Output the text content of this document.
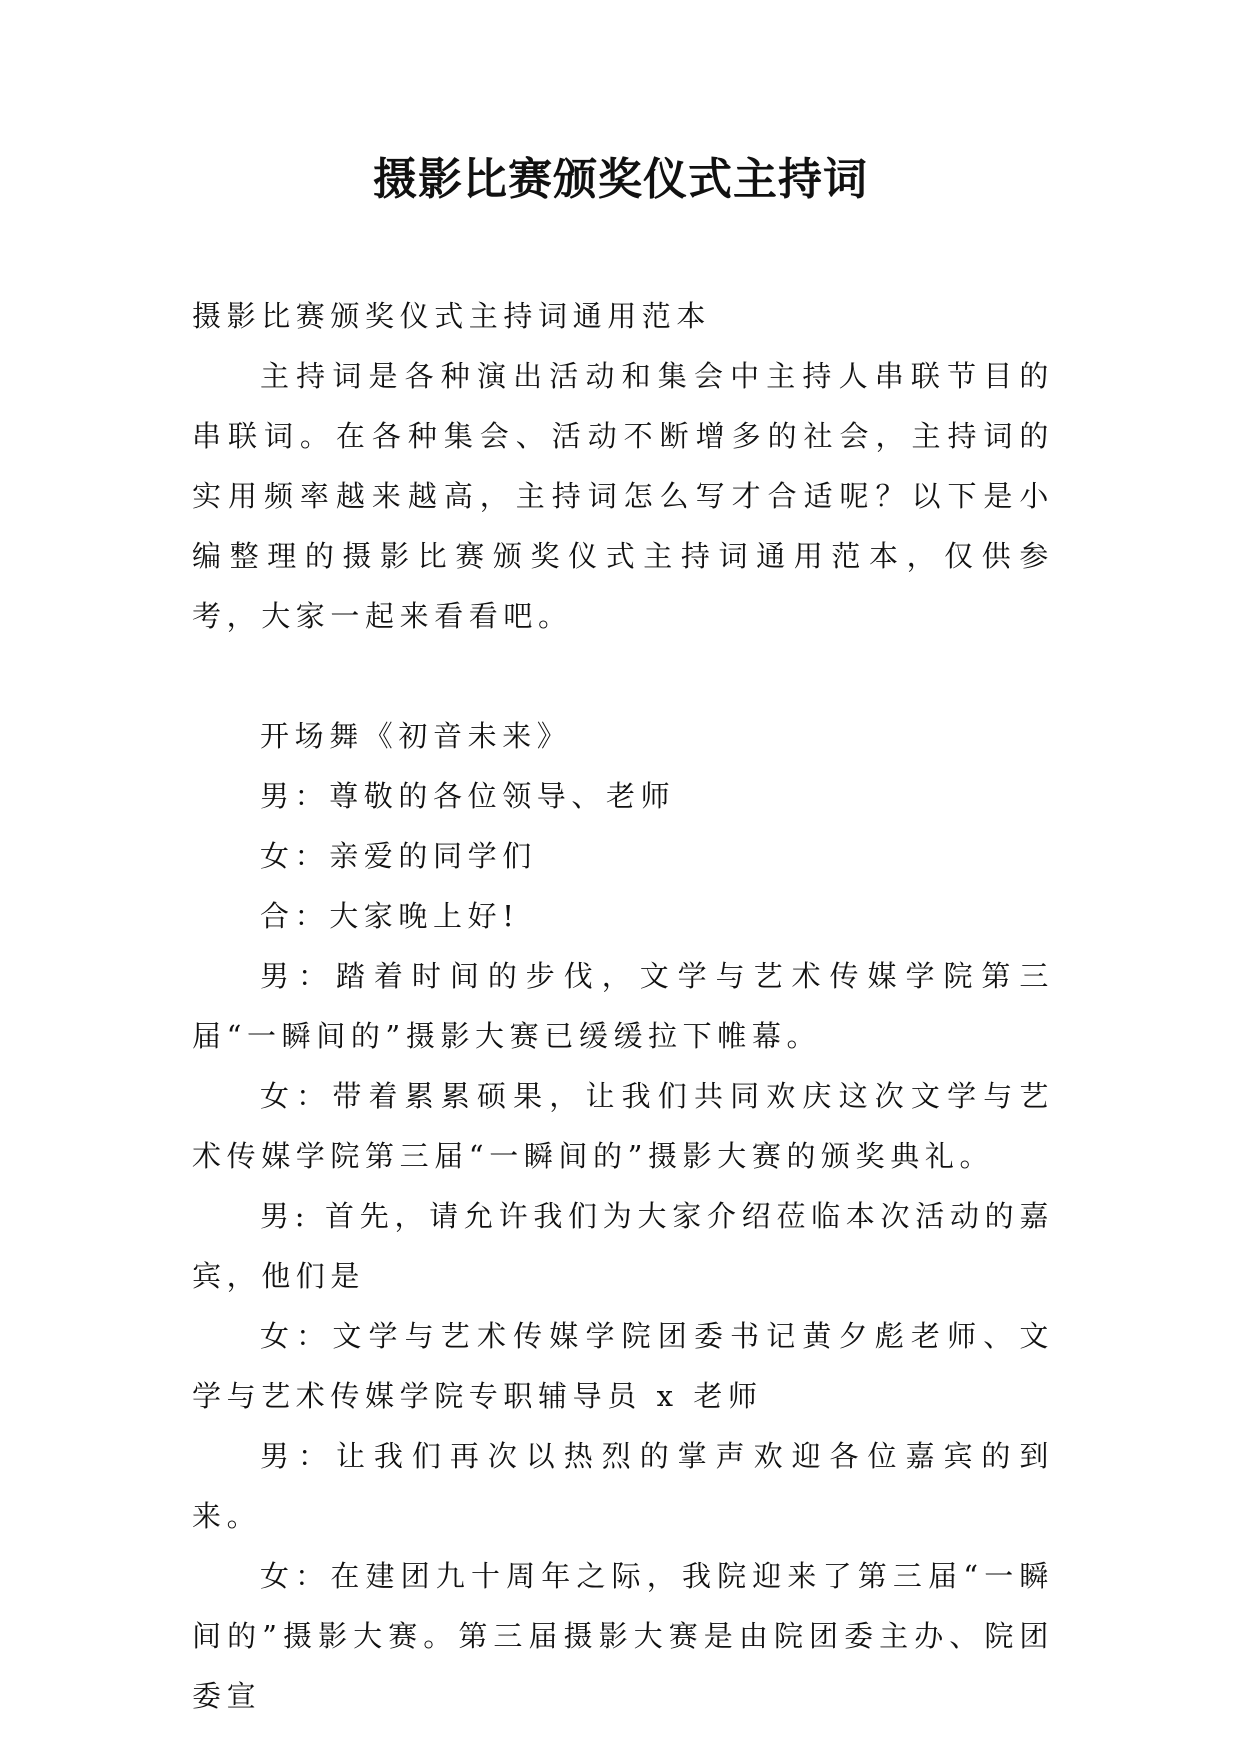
摄影比赛颁奖仪式主持词

摄影比赛颁奖仪式主持词通用范本

主持词是各种演出活动和集会中主持人串联节目的串联词。在各种集会、活动不断增多的社会，主持词的实用频率越来越高，主持词怎么写才合适呢？以下是小编整理的摄影比赛颁奖仪式主持词通用范本，仅供参考，大家一起来看看吧。

开场舞《初音未来》

男：尊敬的各位领导、老师

女：亲爱的同学们

合：大家晚上好!

男：踏着时间的步伐，文学与艺术传媒学院第三届“一瞬间的”摄影大赛已缓缓拉下帷幕。

女：带着累累硕果，让我们共同欢庆这次文学与艺术传媒学院第三届“一瞬间的”摄影大赛的颁奖典礼。

男: 首先，请允许我们为大家介绍莅临本次活动的嘉宾，他们是

女：文学与艺术传媒学院团委书记黄夕彪老师、文学与艺术传媒学院专职辅导员 x 老师

男：让我们再次以热烈的掌声欢迎各位嘉宾的到来。

女：在建团九十周年之际，我院迎来了第三届“一瞬间的”摄影大赛。第三届摄影大赛是由院团委主办、院团委宣
